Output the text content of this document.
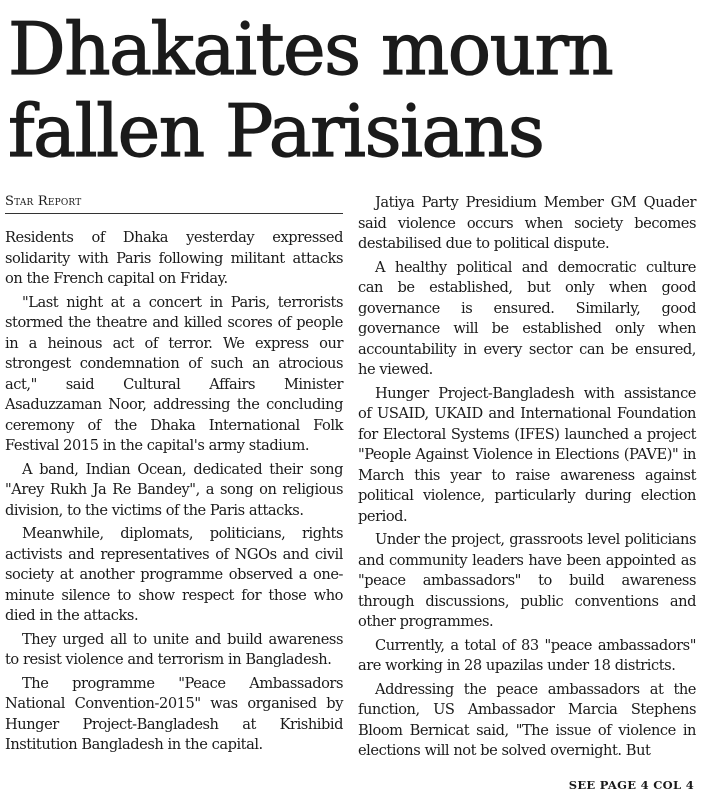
Dhakaites mourn
fallen Parisians
Star Report

Residents of Dhaka yesterday expressed solidarity with Paris following militant attacks on the French capital on Friday.

"Last night at a concert in Paris, terrorists stormed the theatre and killed scores of people in a heinous act of terror. We express our strongest condemnation of such an atrocious act," said Cultural Affairs Minister Asaduzzaman Noor, addressing the concluding ceremony of the Dhaka International Folk Festival 2015 in the capital's army stadium.

A band, Indian Ocean, dedicated their song "Arey Rukh Ja Re Bandey", a song on religious division, to the victims of the Paris attacks.

Meanwhile, diplomats, politicians, rights activists and representatives of NGOs and civil society at another programme observed a one-minute silence to show respect for those who died in the attacks.

They urged all to unite and build awareness to resist violence and terrorism in Bangladesh.

The programme "Peace Ambassadors National Convention-2015" was organised by Hunger Project-Bangladesh at Krishibid Institution Bangladesh in the capital.

Jatiya Party Presidium Member GM Quader said violence occurs when society becomes destabilised due to political dispute.

A healthy political and democratic culture can be established, but only when good governance is ensured. Similarly, good governance will be established only when accountability in every sector can be ensured, he viewed.

Hunger Project-Bangladesh with assistance of USAID, UKAID and International Foundation for Electoral Systems (IFES) launched a project "People Against Violence in Elections (PAVE)" in March this year to raise awareness against political violence, particularly during election period.

Under the project, grassroots level politicians and community leaders have been appointed as "peace ambassadors" to build awareness through discussions, public conventions and other programmes.

Currently, a total of 83 "peace ambassadors" are working in 28 upazilas under 18 districts.

Addressing the peace ambassadors at the function, US Ambassador Marcia Stephens Bloom Bernicat said, "The issue of violence in elections will not be solved overnight. But

SEE PAGE 4 COL 4
